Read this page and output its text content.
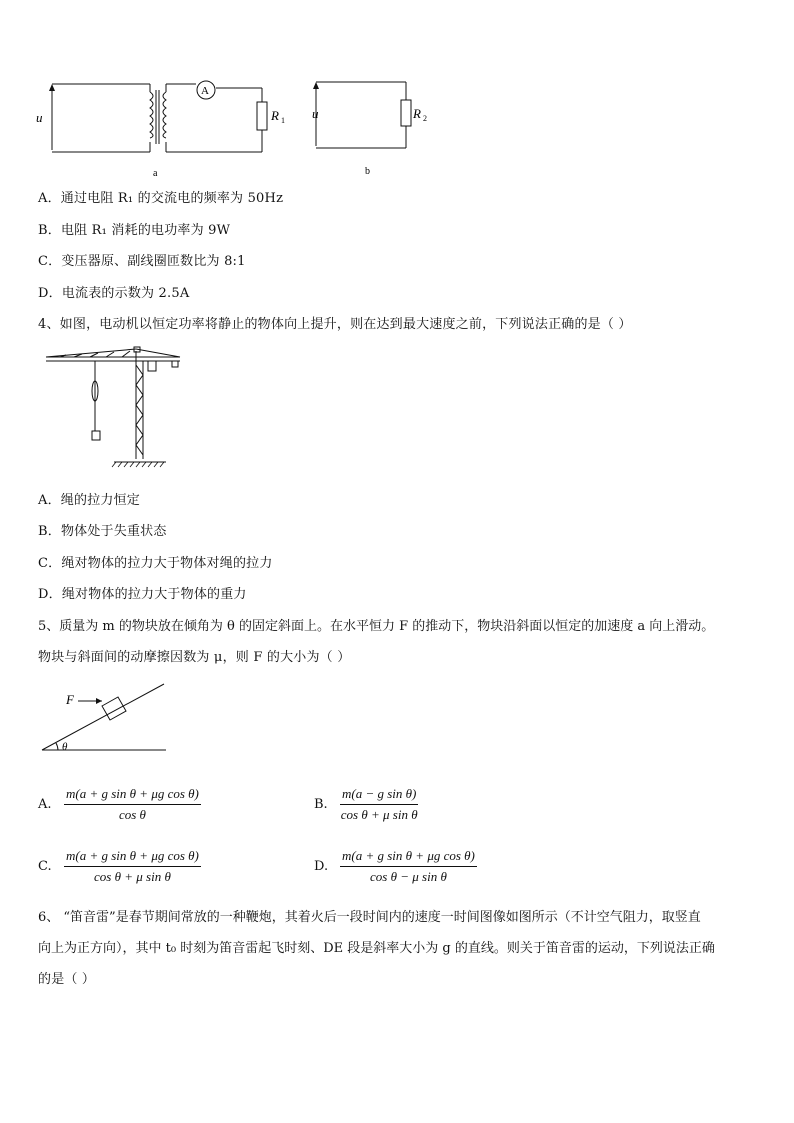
u
A
R 1
a
u	R 2
b
A．通过电阻 R₁ 的交流电的频率为 50Hz
B．电阻 R₁ 消耗的电功率为 9W
C．变压器原、副线圈匝数比为 8:1
D．电流表的示数为 2.5A
4、如图，电动机以恒定功率将静止的物体向上提升，则在达到最大速度之前，下列说法正确的是（ ）
A．绳的拉力恒定
B．物体处于失重状态
C．绳对物体的拉力大于物体对绳的拉力
D．绳对物体的拉力大于物体的重力
5、质量为 m 的物块放在倾角为 θ 的固定斜面上。在水平恒力 F 的推动下，物块沿斜面以恒定的加速度 a 向上滑动。
物块与斜面间的动摩擦因数为 μ，则 F 的大小为（ ）
F
θ
A.
m(a + g sin θ + μg cos θ)
cos θ
B.
m(a − g sin θ)
cos θ + μ sin θ
C.
m(a + g sin θ + μg cos θ)
cos θ + μ sin θ
D.
m(a + g sin θ + μg cos θ)
cos θ − μ sin θ
6、 “笛音雷”是春节期间常放的一种鞭炮，其着火后一段时间内的速度一时间图像如图所示（不计空气阻力，取竖直
向上为正方向），其中 t₀ 时刻为笛音雷起飞时刻、DE 段是斜率大小为 g 的直线。则关于笛音雷的运动，下列说法正确
的是（ ）
